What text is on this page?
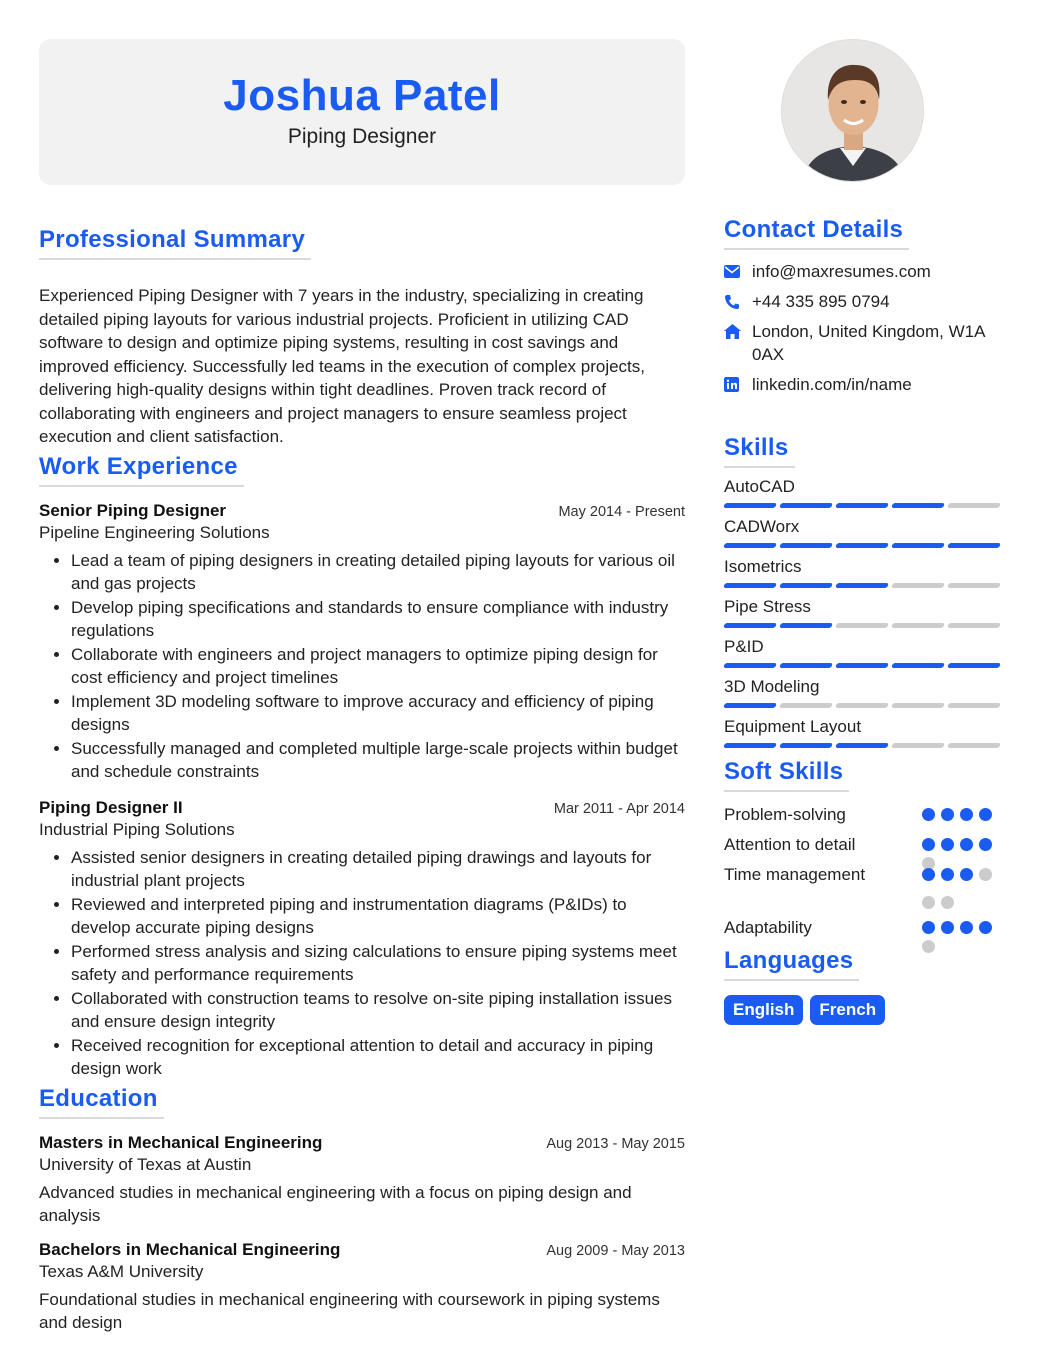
Joshua Patel
Piping Designer
Professional Summary

Experienced Piping Designer with 7 years in the industry, specializing in creating detailed piping layouts for various industrial projects. Proficient in utilizing CAD software to design and optimize piping systems, resulting in cost savings and improved efficiency. Successfully led teams in the execution of complex projects, delivering high-quality designs within tight deadlines. Proven track record of collaborating with engineers and project managers to ensure seamless project execution and client satisfaction.

Work Experience
Senior Piping Designer	May 2014 - Present
Pipeline Engineering Solutions
• Lead a team of piping designers in creating detailed piping layouts for various oil and gas projects
• Develop piping specifications and standards to ensure compliance with industry regulations
• Collaborate with engineers and project managers to optimize piping design for cost efficiency and project timelines
• Implement 3D modeling software to improve accuracy and efficiency of piping designs
• Successfully managed and completed multiple large-scale projects within budget and schedule constraints
Piping Designer II	Mar 2011 - Apr 2014
Industrial Piping Solutions
• Assisted senior designers in creating detailed piping drawings and layouts for industrial plant projects
• Reviewed and interpreted piping and instrumentation diagrams (P&IDs) to develop accurate piping designs
• Performed stress analysis and sizing calculations to ensure piping systems meet safety and performance requirements
• Collaborated with construction teams to resolve on-site piping installation issues and ensure design integrity
• Received recognition for exceptional attention to detail and accuracy in piping design work
Education
Masters in Mechanical Engineering	Aug 2013 - May 2015
University of Texas at Austin

Advanced studies in mechanical engineering with a focus on piping design and analysis

Bachelors in Mechanical Engineering	Aug 2009 - May 2013
Texas A&M University

Foundational studies in mechanical engineering with coursework in piping systems and design

Contact Details
info@maxresumes.com
+44 335 895 0794
London, United Kingdom, W1A 0AX
linkedin.com/in/name
Skills
AutoCAD
CADWorx
Isometrics
Pipe Stress
P&ID
3D Modeling
Equipment Layout
Soft Skills
Problem-solving
Attention to detail
Time management
Adaptability
Languages
English	French
